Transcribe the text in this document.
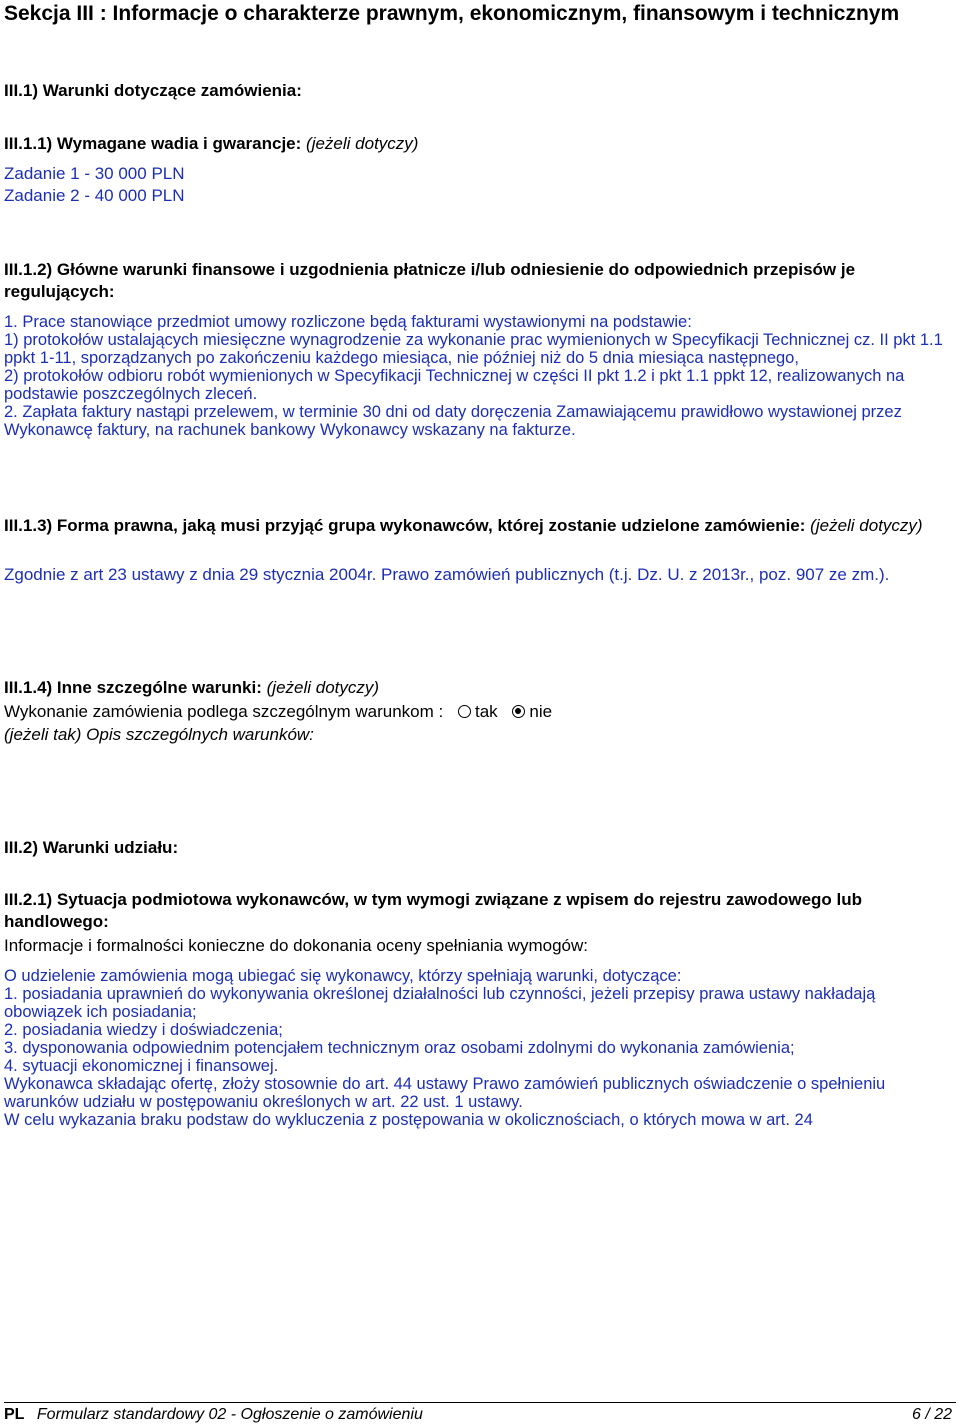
Sekcja III : Informacje o charakterze prawnym, ekonomicznym, finansowym i technicznym
III.1) Warunki dotyczące zamówienia:
III.1.1) Wymagane wadia i gwarancje: (jeżeli dotyczy)
Zadanie 1 - 30 000 PLN
Zadanie 2 - 40 000 PLN
III.1.2) Główne warunki finansowe i uzgodnienia płatnicze i/lub odniesienie do odpowiednich przepisów je regulujących:
1. Prace stanowiące przedmiot umowy rozliczone będą fakturami wystawionymi na podstawie:
1) protokołów ustalających miesięczne wynagrodzenie za wykonanie prac wymienionych w Specyfikacji Technicznej cz. II pkt 1.1 ppkt 1-11, sporządzanych po zakończeniu każdego miesiąca, nie później niż do 5 dnia miesiąca następnego,
2) protokołów odbioru robót wymienionych w Specyfikacji Technicznej w części II pkt 1.2 i pkt 1.1 ppkt 12, realizowanych na podstawie poszczególnych zleceń.
2. Zapłata faktury nastąpi przelewem, w terminie 30 dni od daty doręczenia Zamawiającemu prawidłowo wystawionej przez Wykonawcę faktury, na rachunek bankowy Wykonawcy wskazany na fakturze.
III.1.3) Forma prawna, jaką musi przyjąć grupa wykonawców, której zostanie udzielone zamówienie: (jeżeli dotyczy)
Zgodnie z art 23 ustawy z dnia 29 stycznia 2004r. Prawo zamówień publicznych (t.j. Dz. U. z 2013r., poz. 907 ze zm.).
III.1.4) Inne szczególne warunki: (jeżeli dotyczy)
Wykonanie zamówienia podlega szczególnym warunkom : tak nie
(jeżeli tak) Opis szczególnych warunków:
III.2) Warunki udziału:
III.2.1) Sytuacja podmiotowa wykonawców, w tym wymogi związane z wpisem do rejestru zawodowego lub handlowego:
Informacje i formalności konieczne do dokonania oceny spełniania wymogów:
O udzielenie zamówienia mogą ubiegać się wykonawcy, którzy spełniają warunki, dotyczące:
1. posiadania uprawnień do wykonywania określonej działalności lub czynności, jeżeli przepisy prawa ustawy nakładają obowiązek ich posiadania;
2. posiadania wiedzy i doświadczenia;
3. dysponowania odpowiednim potencjałem technicznym oraz osobami zdolnymi do wykonania zamówienia;
4. sytuacji ekonomicznej i finansowej.
Wykonawca składając ofertę, złoży stosownie do art. 44 ustawy Prawo zamówień publicznych oświadczenie o spełnieniu warunków udziału w postępowaniu określonych w art. 22 ust. 1 ustawy.
W celu wykazania braku podstaw do wykluczenia z postępowania w okolicznościach, o których mowa w art. 24
PL Formularz standardowy 02 - Ogłoszenie o zamówieniu	6 / 22
